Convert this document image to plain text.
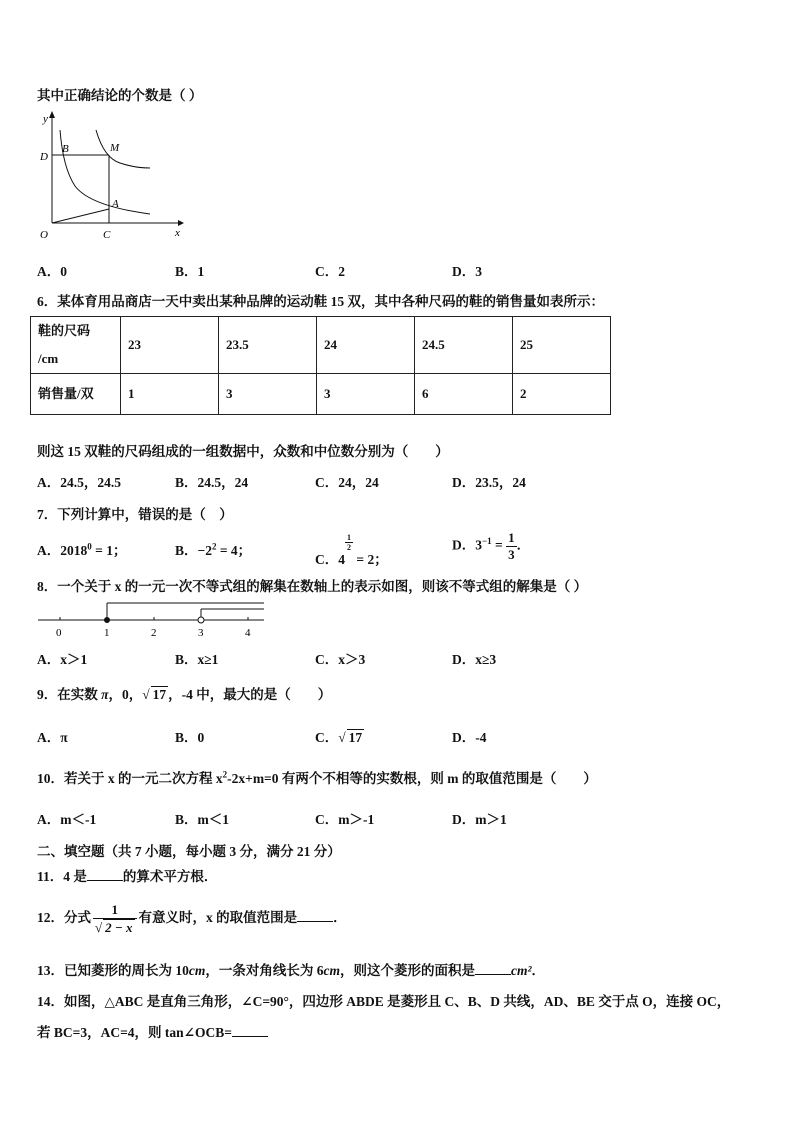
其中正确结论的个数是（ ）
y
x
O	C
D
B	M
A
A．0	B．1	C．2	D．3
6．某体育用品商店一天中卖出某种品牌的运动鞋 15 双，其中各种尺码的鞋的销售量如表所示：
鞋的尺码
/cm	23	23.5	24	24.5	25
销售量/双	1	3	3	6	2
则这 15 双鞋的尺码组成的一组数据中，众数和中位数分别为（　　）
A．24.5，24.5	B．24.5，24	C．24，24	D．23.5，24
7．下列计算中，错误的是（　）
A．$2018^0 = 1$；	B．$-2^2 = 4$；
C．4
$\frac{1}{2}$
= 2；
D．$3^{-1} = \frac{1}{3}$ ．
8．一个关于 x 的一元一次不等式组的解集在数轴上的表示如图，则该不等式组的解集是（ ）
0	1	2	3	4
A．x＞1	B．x≥1	C．x＞3	D．x≥3
9．在实数 π，0，√ 17 ，-4 中，最大的是（　　）
A．π	B．0	C．√ 17	D．-4
10．若关于 x 的一元二次方程 $x^2-2x+m=0$ 有两个不相等的实数根，则 m 的取值范围是（　　）
A．m＜-1	B．m＜1	C．m＞-1	D．m＞1
二、填空题（共 7 小题，每小题 3 分，满分 21 分）
11．4 是	的算术平方根．
12．分式 $\frac{1}{√ 2 - x}$ 有意义时，x 的取值范围是	．
13．已知菱形的周长为 10cm，一条对角线长为 6cm，则这个菱形的面积是	cm²．
14．如图，△ABC 是直角三角形，∠C=90°，四边形 ABDE 是菱形且 C、B、D 共线，AD、BE 交于点 O，连接 OC，
若 BC=3，AC=4，则 tan∠OCB=
